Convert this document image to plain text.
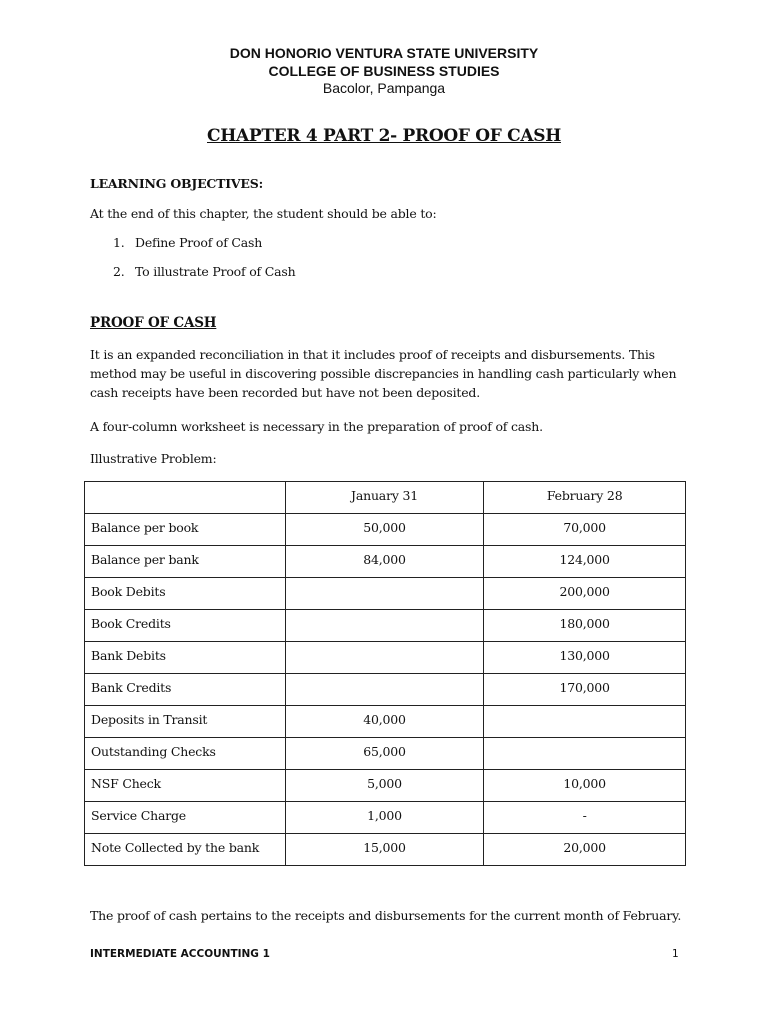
DON HONORIO VENTURA STATE UNIVERSITY
COLLEGE OF BUSINESS STUDIES
Bacolor, Pampanga
CHAPTER 4 PART 2- PROOF OF CASH
LEARNING OBJECTIVES:
At the end of this chapter, the student should be able to:
1. Define Proof of Cash
2. To illustrate Proof of Cash
PROOF OF CASH
It is an expanded reconciliation in that it includes proof of receipts and disbursements. This method may be useful in discovering possible discrepancies in handling cash particularly when cash receipts have been recorded but have not been deposited.
A four-column worksheet is necessary in the preparation of proof of cash.
Illustrative Problem:
	January 31	February 28
Balance per book	50,000	70,000
Balance per bank	84,000	124,000
Book Debits		200,000
Book Credits		180,000
Bank Debits		130,000
Bank Credits		170,000
Deposits in Transit	40,000	
Outstanding Checks	65,000	
NSF Check	5,000	10,000
Service Charge	1,000	-
Note Collected by the bank	15,000	20,000
The proof of cash pertains to the receipts and disbursements for the current month of February.
INTERMEDIATE ACCOUNTING 1	1
